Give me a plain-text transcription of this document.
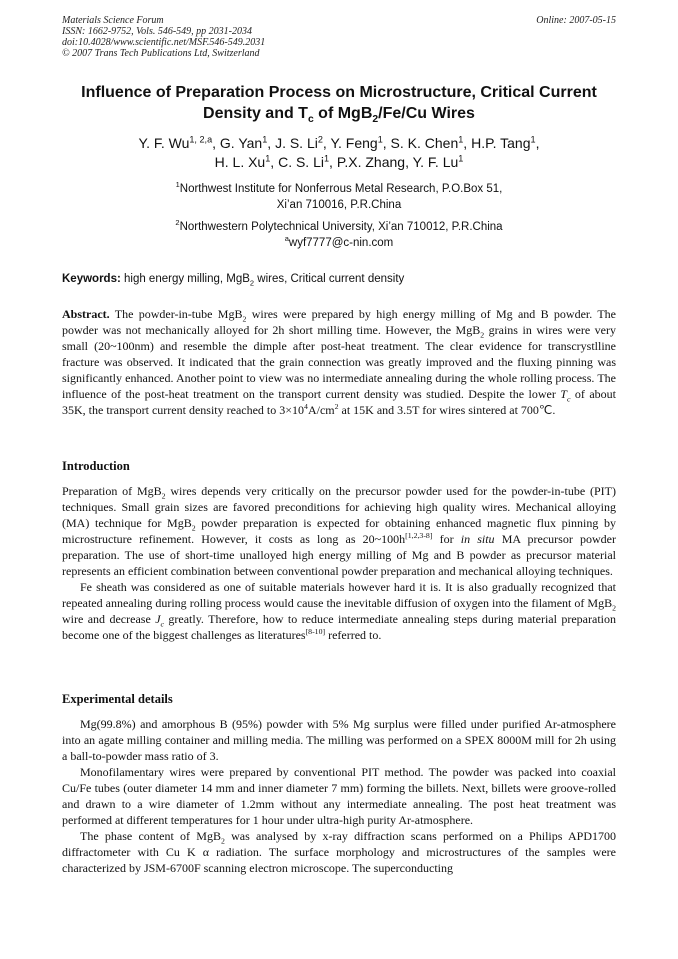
Materials Science Forum
ISSN: 1662-9752, Vols. 546-549, pp 2031-2034
doi:10.4028/www.scientific.net/MSF.546-549.2031
© 2007 Trans Tech Publications Ltd, Switzerland
Online: 2007-05-15
Influence of Preparation Process on Microstructure, Critical Current
Density and $T_c$ of MgB$_2$/Fe/Cu Wires
Y. F. Wu$^{1, 2,a}$, G. Yan$^1$, J. S. Li$^2$, Y. Feng$^1$, S. K. Chen$^1$, H.P. Tang$^1$,
H. L. Xu$^1$, C. S. Li$^1$, P.X. Zhang, Y. F. Lu$^1$
$^1$Northwest Institute for Nonferrous Metal Research, P.O.Box 51,
Xi’an 710016, P.R.China
$^2$Northwestern Polytechnical University, Xi’an 710012, P.R.China
$^a$wyf7777@c-nin.com
Keywords: high energy milling, MgB$_2$ wires, Critical current density

Abstract. The powder-in-tube MgB$_2$ wires were prepared by high energy milling of Mg and B powder. The powder was not mechanically alloyed for 2h short milling time. However, the MgB$_2$ grains in wires were very small (20~100nm) and resemble the dimple after post-heat treatment. The clear evidence for transcrystlline fracture was observed. It indicated that the grain connection was greatly improved and the fluxing pinning was significantly enhanced. Another point to view was no intermediate annealing during the whole rolling process. The influence of the post-heat treatment on the transport current density was studied. Despite the lower $T_c$ of about 35K, the transport current density reached to $3\times 10^4A/cm^2$ at 15K and 3.5T for wires sintered at 700℃.

Introduction

Preparation of MgB$_2$ wires depends very critically on the precursor powder used for the powder-in-tube (PIT) techniques. Small grain sizes are favored preconditions for achieving high quality wires. Mechanical alloying (MA) technique for MgB$_2$ powder preparation is expected for obtaining enhanced magnetic flux pinning by microstructure refinement. However, it costs as long as 20~100h[1,2,3-8] for in situ MA precursor powder preparation. The use of short-time unalloyed high energy milling of Mg and B powder as precursor material represents an efficient combination between conventional powder preparation and mechanical alloying techniques.

Fe sheath was considered as one of suitable materials however hard it is. It is also gradually recognized that repeated annealing during rolling process would cause the inevitable diffusion of oxygen into the filament of MgB$_2$ wire and decrease $J_c$ greatly. Therefore, how to reduce intermediate annealing steps during material preparation become one of the biggest challenges as literatures[8-10] referred to.

Experimental details

Mg(99.8%) and amorphous B (95%) powder with 5% Mg surplus were filled under purified Ar-atmosphere into an agate milling container and milling media. The milling was performed on a SPEX 8000M mill for 2h using a ball-to-powder mass ratio of 3.

Monofilamentary wires were prepared by conventional PIT method. The powder was packed into coaxial Cu/Fe tubes (outer diameter 14 mm and inner diameter 7 mm) forming the billets. Next, billets were groove-rolled and drawn to a wire diameter of 1.2mm without any intermediate annealing. The post heat treatment was performed at different temperatures for 1 hour under ultra-high purity Ar-atmosphere.

The phase content of MgB$_2$ was analysed by x-ray diffraction scans performed on a Philips APD1700 diffractometer with Cu K α radiation. The surface morphology and microstructures of the samples were characterized by JSM-6700F scanning electron microscope. The superconducting
